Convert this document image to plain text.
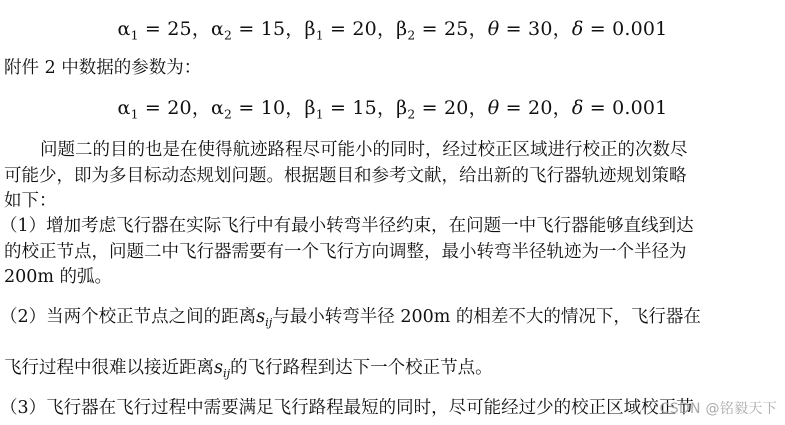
$\alpha_1 = 25$，$\alpha_2 = 15$，$\beta_1 = 20$，$\beta_2 = 25$，θ = 30，δ = 0.001
附件 2 中数据的参数为：
$\alpha_1 = 20$，$\alpha_2 = 10$，$\beta_1 = 15$，$\beta_2 = 20$，θ = 20，δ = 0.001
问题二的目的也是在使得航迹路程尽可能小的同时，经过校正区域进行校正的次数尽
可能少，即为多目标动态规划问题。根据题目和参考文献，给出新的飞行器轨迹规划策略
如下：
（1）增加考虑飞行器在实际飞行中有最小转弯半径约束，在问题一中飞行器能够直线到达
的校正节点，问题二中飞行器需要有一个飞行方向调整，最小转弯半径轨迹为一个半径为
200m 的弧。
（2）当两个校正节点之间的距离$s_{ij}$与最小转弯半径 200m 的相差不大的情况下，飞行器在
飞行过程中很难以接近距离$s_{ij}$的飞行路程到达下一个校正节点。
（3）飞行器在飞行过程中需要满足飞行路程最短的同时，尽可能经过少的校正区域校正节
CSDN @铭毅天下
